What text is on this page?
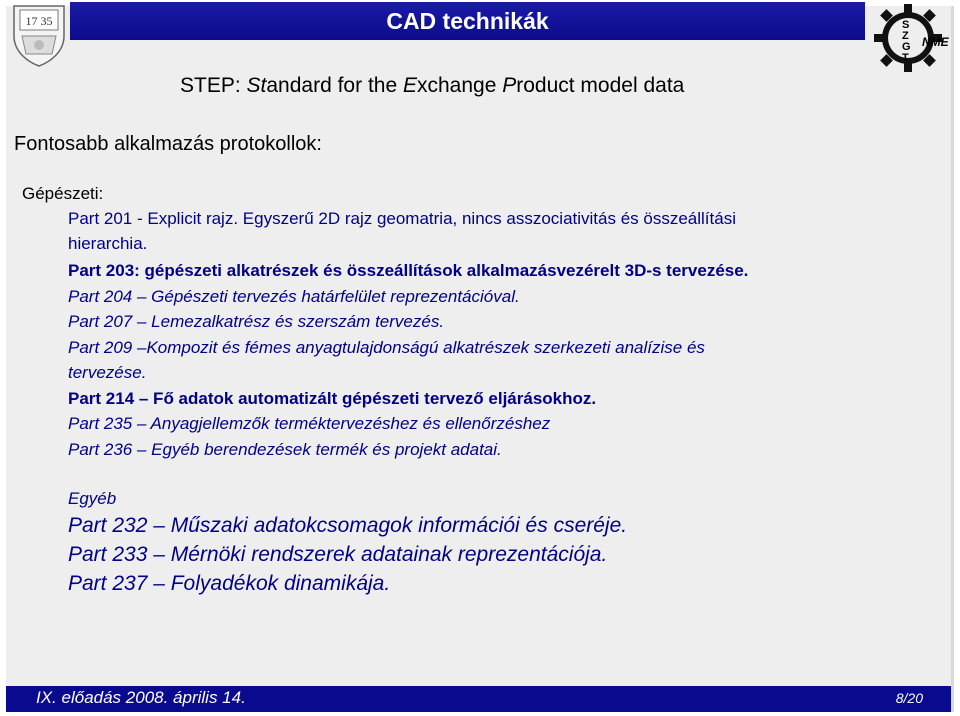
17 35	CAD technikák	S
Z
G
T
NME
STEP: Standard for the Exchange Product model data
Fontosabb alkalmazás protokollok:
Gépészeti:
Part 201 - Explicit rajz. Egyszerű 2D rajz geomatria, nincs asszociativitás és összeállítási
hierarchia.
Part 203: gépészeti alkatrészek és összeállítások alkalmazásvezérelt 3D-s tervezése.
Part 204 – Gépészeti tervezés határfelület reprezentációval.
Part 207 – Lemezalkatrész és szerszám tervezés.
Part 209 –Kompozit és fémes anyagtulajdonságú alkatrészek szerkezeti analízise és
tervezése.
Part 214 – Fő adatok automatizált gépészeti tervező eljárásokhoz.
Part 235 – Anyagjellemzők terméktervezéshez és ellenőrzéshez
Part 236 – Egyéb berendezések termék és projekt adatai.
Egyéb
Part 232 – Műszaki adatokcsomagok információi és cseréje.
Part 233 – Mérnöki rendszerek adatainak reprezentációja.
Part 237 – Folyadékok dinamikája.
IX. előadás 2008. április 14.	8/20
